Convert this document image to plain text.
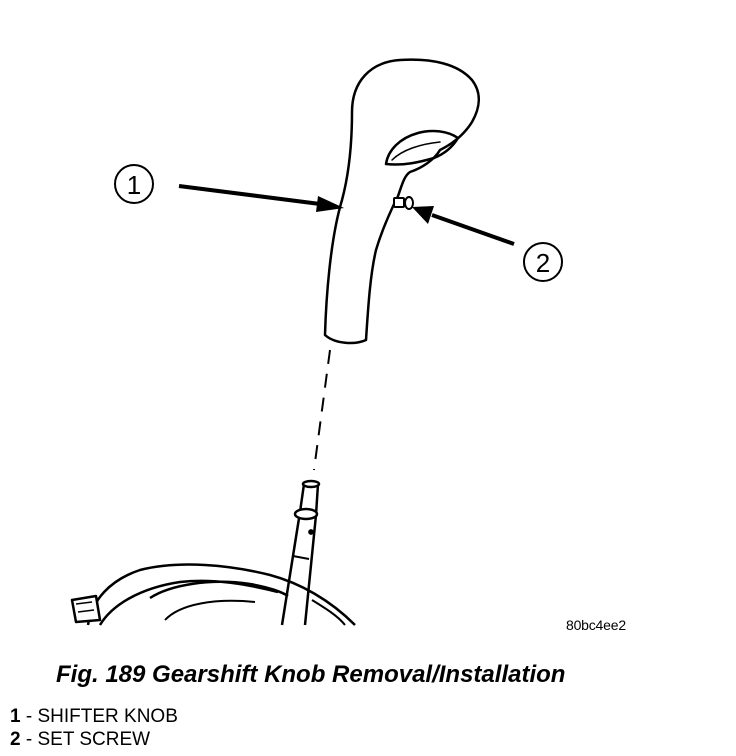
1
2
80bc4ee2
Fig. 189 Gearshift Knob Removal/Installation
1 - SHIFTER KNOB
2 - SET SCREW
